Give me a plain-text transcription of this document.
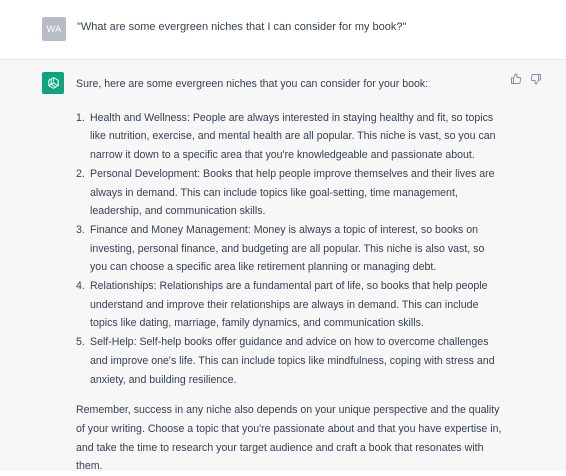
WA	"What are some evergreen niches that I can consider for my book?"

Sure, here are some evergreen niches that you can consider for your book:

1. Health and Wellness: People are always interested in staying healthy and fit, so topics like nutrition, exercise, and mental health are all popular. This niche is vast, so you can narrow it down to a specific area that you're knowledgeable and passionate about.
2. Personal Development: Books that help people improve themselves and their lives are always in demand. This can include topics like goal-setting, time management, leadership, and communication skills.
3. Finance and Money Management: Money is always a topic of interest, so books on investing, personal finance, and budgeting are all popular. This niche is also vast, so you can choose a specific area like retirement planning or managing debt.
4. Relationships: Relationships are a fundamental part of life, so books that help people understand and improve their relationships are always in demand. This can include topics like dating, marriage, family dynamics, and communication skills.
5. Self-Help: Self-help books offer guidance and advice on how to overcome challenges and improve one's life. This can include topics like mindfulness, coping with stress and anxiety, and building resilience.

Remember, success in any niche also depends on your unique perspective and the quality of your writing. Choose a topic that you're passionate about and that you have expertise in, and take the time to research your target audience and craft a book that resonates with them.
